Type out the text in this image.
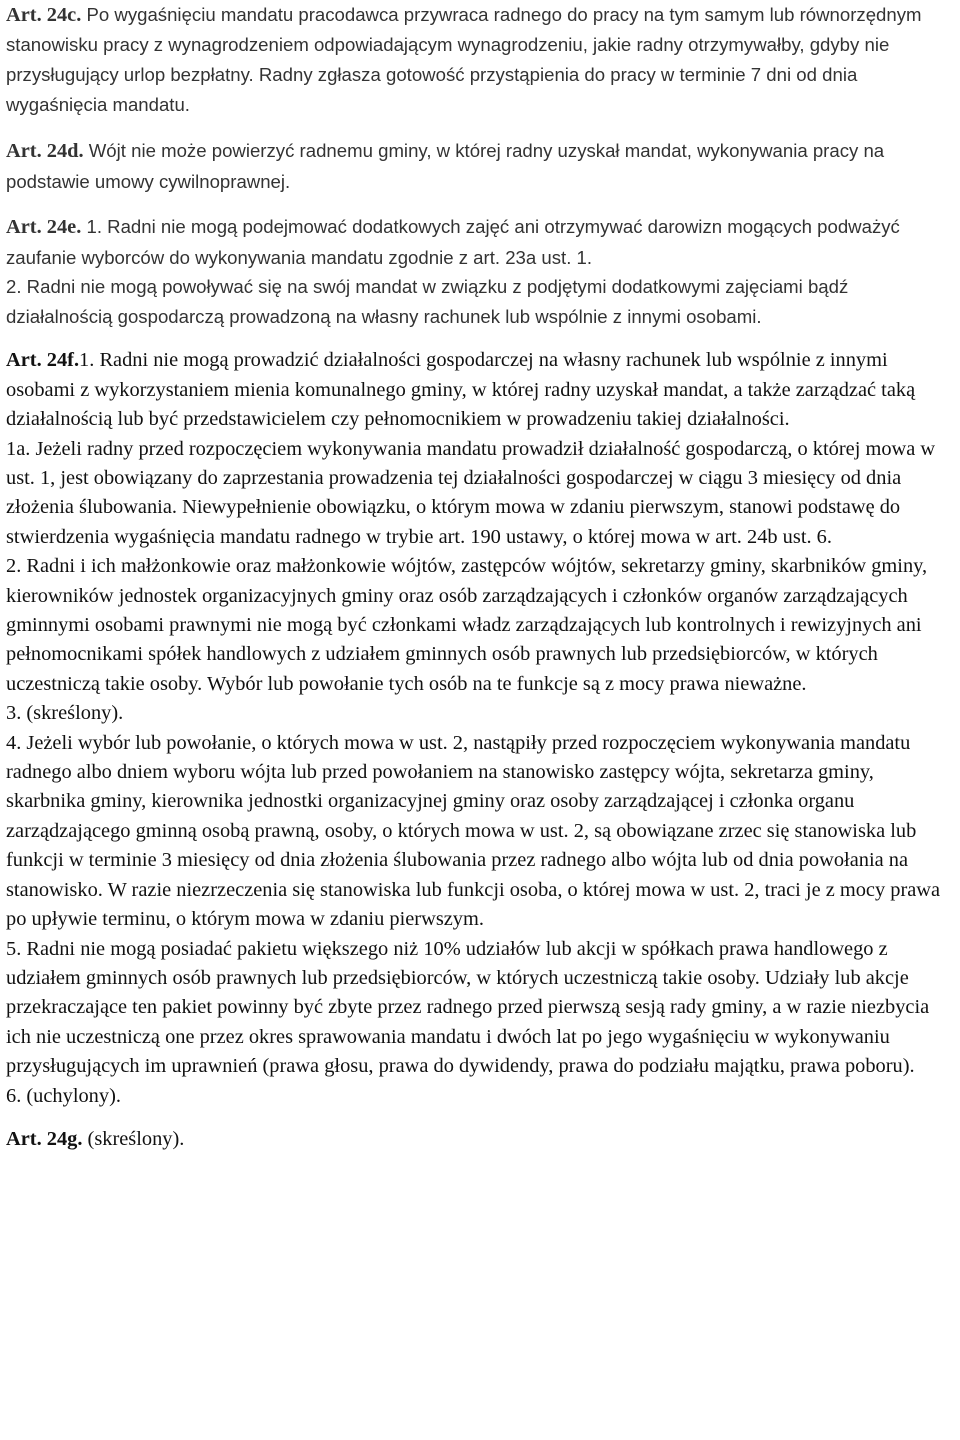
Art. 24c. Po wygaśnięciu mandatu pracodawca przywraca radnego do pracy na tym samym lub równorzędnym stanowisku pracy z wynagrodzeniem odpowiadającym wynagrodzeniu, jakie radny otrzymywałby, gdyby nie przysługujący urlop bezpłatny. Radny zgłasza gotowość przystąpienia do pracy w terminie 7 dni od dnia wygaśnięcia mandatu.

Art. 24d. Wójt nie może powierzyć radnemu gminy, w której radny uzyskał mandat, wykonywania pracy na podstawie umowy cywilnoprawnej.

Art. 24e. 1. Radni nie mogą podejmować dodatkowych zajęć ani otrzymywać darowizn mogących podważyć zaufanie wyborców do wykonywania mandatu zgodnie z art. 23a ust. 1.

2. Radni nie mogą powoływać się na swój mandat w związku z podjętymi dodatkowymi zajęciami bądź działalnością gospodarczą prowadzoną na własny rachunek lub wspólnie z innymi osobami.

Art. 24f.1. Radni nie mogą prowadzić działalności gospodarczej na własny rachunek lub wspólnie z innymi osobami z wykorzystaniem mienia komunalnego gminy, w której radny uzyskał mandat, a także zarządzać taką działalnością lub być przedstawicielem czy pełnomocnikiem w prowadzeniu takiej działalności.

1a. Jeżeli radny przed rozpoczęciem wykonywania mandatu prowadził działalność gospodarczą, o której mowa w ust. 1, jest obowiązany do zaprzestania prowadzenia tej działalności gospodarczej w ciągu 3 miesięcy od dnia złożenia ślubowania. Niewypełnienie obowiązku, o którym mowa w zdaniu pierwszym, stanowi podstawę do stwierdzenia wygaśnięcia mandatu radnego w trybie art. 190 ustawy, o której mowa w art. 24b ust. 6.

2. Radni i ich małżonkowie oraz małżonkowie wójtów, zastępców wójtów, sekretarzy gminy, skarbników gminy, kierowników jednostek organizacyjnych gminy oraz osób zarządzających i członków organów zarządzających gminnymi osobami prawnymi nie mogą być członkami władz zarządzających lub kontrolnych i rewizyjnych ani pełnomocnikami spółek handlowych z udziałem gminnych osób prawnych lub przedsiębiorców, w których uczestniczą takie osoby. Wybór lub powołanie tych osób na te funkcje są z mocy prawa nieważne.

3. (skreślony).

4. Jeżeli wybór lub powołanie, o których mowa w ust. 2, nastąpiły przed rozpoczęciem wykonywania mandatu radnego albo dniem wyboru wójta lub przed powołaniem na stanowisko zastępcy wójta, sekretarza gminy, skarbnika gminy, kierownika jednostki organizacyjnej gminy oraz osoby zarządzającej i członka organu zarządzającego gminną osobą prawną, osoby, o których mowa w ust. 2, są obowiązane zrzec się stanowiska lub funkcji w terminie 3 miesięcy od dnia złożenia ślubowania przez radnego albo wójta lub od dnia powołania na stanowisko. W razie niezrzeczenia się stanowiska lub funkcji osoba, o której mowa w ust. 2, traci je z mocy prawa po upływie terminu, o którym mowa w zdaniu pierwszym.

5. Radni nie mogą posiadać pakietu większego niż 10% udziałów lub akcji w spółkach prawa handlowego z udziałem gminnych osób prawnych lub przedsiębiorców, w których uczestniczą takie osoby. Udziały lub akcje przekraczające ten pakiet powinny być zbyte przez radnego przed pierwszą sesją rady gminy, a w razie niezbycia ich nie uczestniczą one przez okres sprawowania mandatu i dwóch lat po jego wygaśnięciu w wykonywaniu przysługujących im uprawnień (prawa głosu, prawa do dywidendy, prawa do podziału majątku, prawa poboru).

6. (uchylony).

Art. 24g. (skreślony).
